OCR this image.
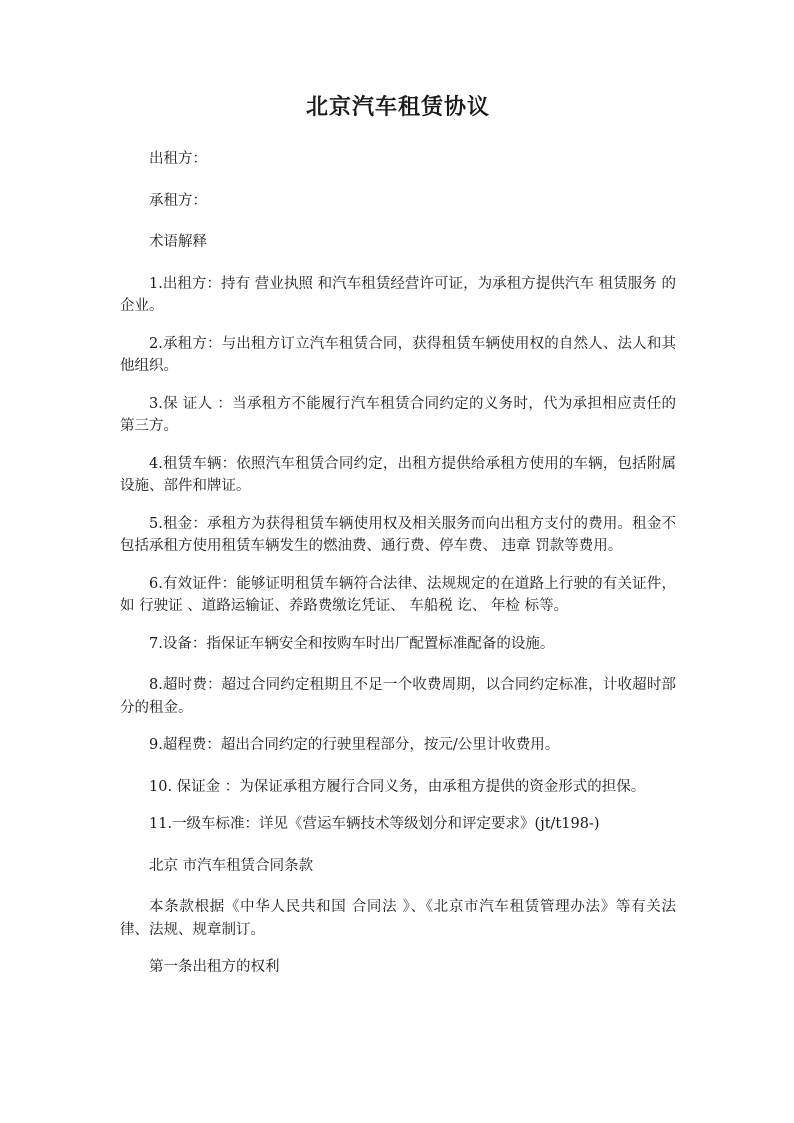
北京汽车租赁协议

出租方：

承租方：

术语解释

1.出租方：持有 营业执照 和汽车租赁经营许可证，为承租方提供汽车 租赁服务 的企业。

2.承租方：与出租方订立汽车租赁合同，获得租赁车辆使用权的自然人、法人和其他组织。

3.保 证人 ：当承租方不能履行汽车租赁合同约定的义务时，代为承担相应责任的第三方。

4.租赁车辆：依照汽车租赁合同约定，出租方提供给承租方使用的车辆，包括附属设施、部件和牌证。

5.租金：承租方为获得租赁车辆使用权及相关服务而向出租方支付的费用。租金不包括承租方使用租赁车辆发生的燃油费、通行费、停车费、 违章 罚款等费用。

6.有效证件：能够证明租赁车辆符合法律、法规规定的在道路上行驶的有关证件，如 行驶证 、道路运输证、养路费缴讫凭证、 车船税 讫、 年检 标等。

7.设备：指保证车辆安全和按购车时出厂配置标准配备的设施。

8.超时费：超过合同约定租期且不足一个收费周期，以合同约定标准，计收超时部分的租金。

9.超程费：超出合同约定的行驶里程部分，按元/公里计收费用。

10. 保证金 ：为保证承租方履行合同义务，由承租方提供的资金形式的担保。

11.一级车标准：详见《营运车辆技术等级划分和评定要求》(jt/t198-)

北京 市汽车租赁合同条款

本条款根据《中华人民共和国 合同法 》、《北京市汽车租赁管理办法》等有关法律、法规、规章制订。

第一条出租方的权利
